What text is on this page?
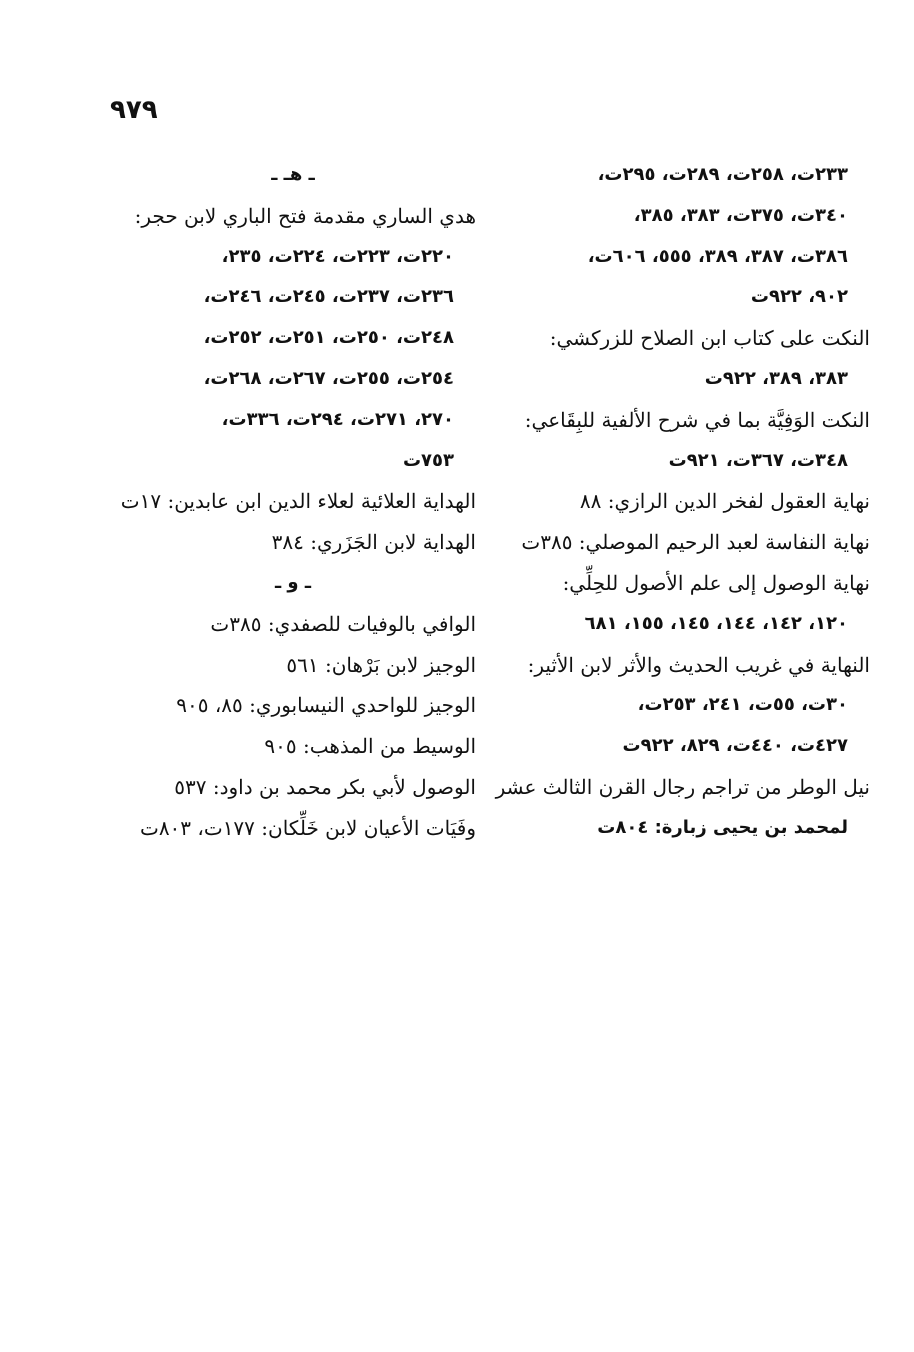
٩٧٩
٢٣٣ت، ٢٥٨ت، ٢٨٩ت، ٢٩٥ت،
٣٤٠ت، ٣٧٥ت، ٣٨٣، ٣٨٥،
٣٨٦ت، ٣٨٧، ٣٨٩، ٥٥٥، ٦٠٦ت،
٩٠٢، ٩٢٢ت
النكت على كتاب ابن الصلاح للزركشي:
٣٨٣، ٣٨٩، ٩٢٢ت
النكت الوَفِيَّة بما في شرح الألفية للبِقَاعي:
٣٤٨ت، ٣٦٧ت، ٩٢١ت
نهاية العقول لفخر الدين الرازي: ٨٨
نهاية النفاسة لعبد الرحيم الموصلي: ٣٨٥ت
نهاية الوصول إلى علم الأصول للحِلِّي:
١٢٠، ١٤٢، ١٤٤، ١٤٥، ١٥٥، ٦٨١
النهاية في غريب الحديث والأثر لابن الأثير:
٣٠ت، ٥٥ت، ٢٤١، ٢٥٣ت،
٤٢٧ت، ٤٤٠ت، ٨٢٩، ٩٢٢ت
نيل الوطر من تراجم رجال القرن الثالث عشر
لمحمد بن يحيى زبارة: ٨٠٤ت
ـ هـ ـ
هدي الساري مقدمة فتح الباري لابن حجر:
٢٢٠ت، ٢٢٣ت، ٢٢٤ت، ٢٣٥،
٢٣٦ت، ٢٣٧ت، ٢٤٥ت، ٢٤٦ت،
٢٤٨ت، ٢٥٠ت، ٢٥١ت، ٢٥٢ت،
٢٥٤ت، ٢٥٥ت، ٢٦٧ت، ٢٦٨ت،
٢٧٠، ٢٧١ت، ٢٩٤ت، ٣٣٦ت،
٧٥٣ت
الهداية العلائية لعلاء الدين ابن عابدين: ١٧ت
الهداية لابن الجَزَري: ٣٨٤
ـ و ـ
الوافي بالوفيات للصفدي: ٣٨٥ت
الوجيز لابن بَرْهان: ٥٦١
الوجيز للواحدي النيسابوري: ٨٥، ٩٠٥
الوسيط من المذهب: ٩٠٥
الوصول لأبي بكر محمد بن داود: ٥٣٧
وفَيَات الأعيان لابن خَلِّكان: ١٧٧ت، ٨٠٣ت
